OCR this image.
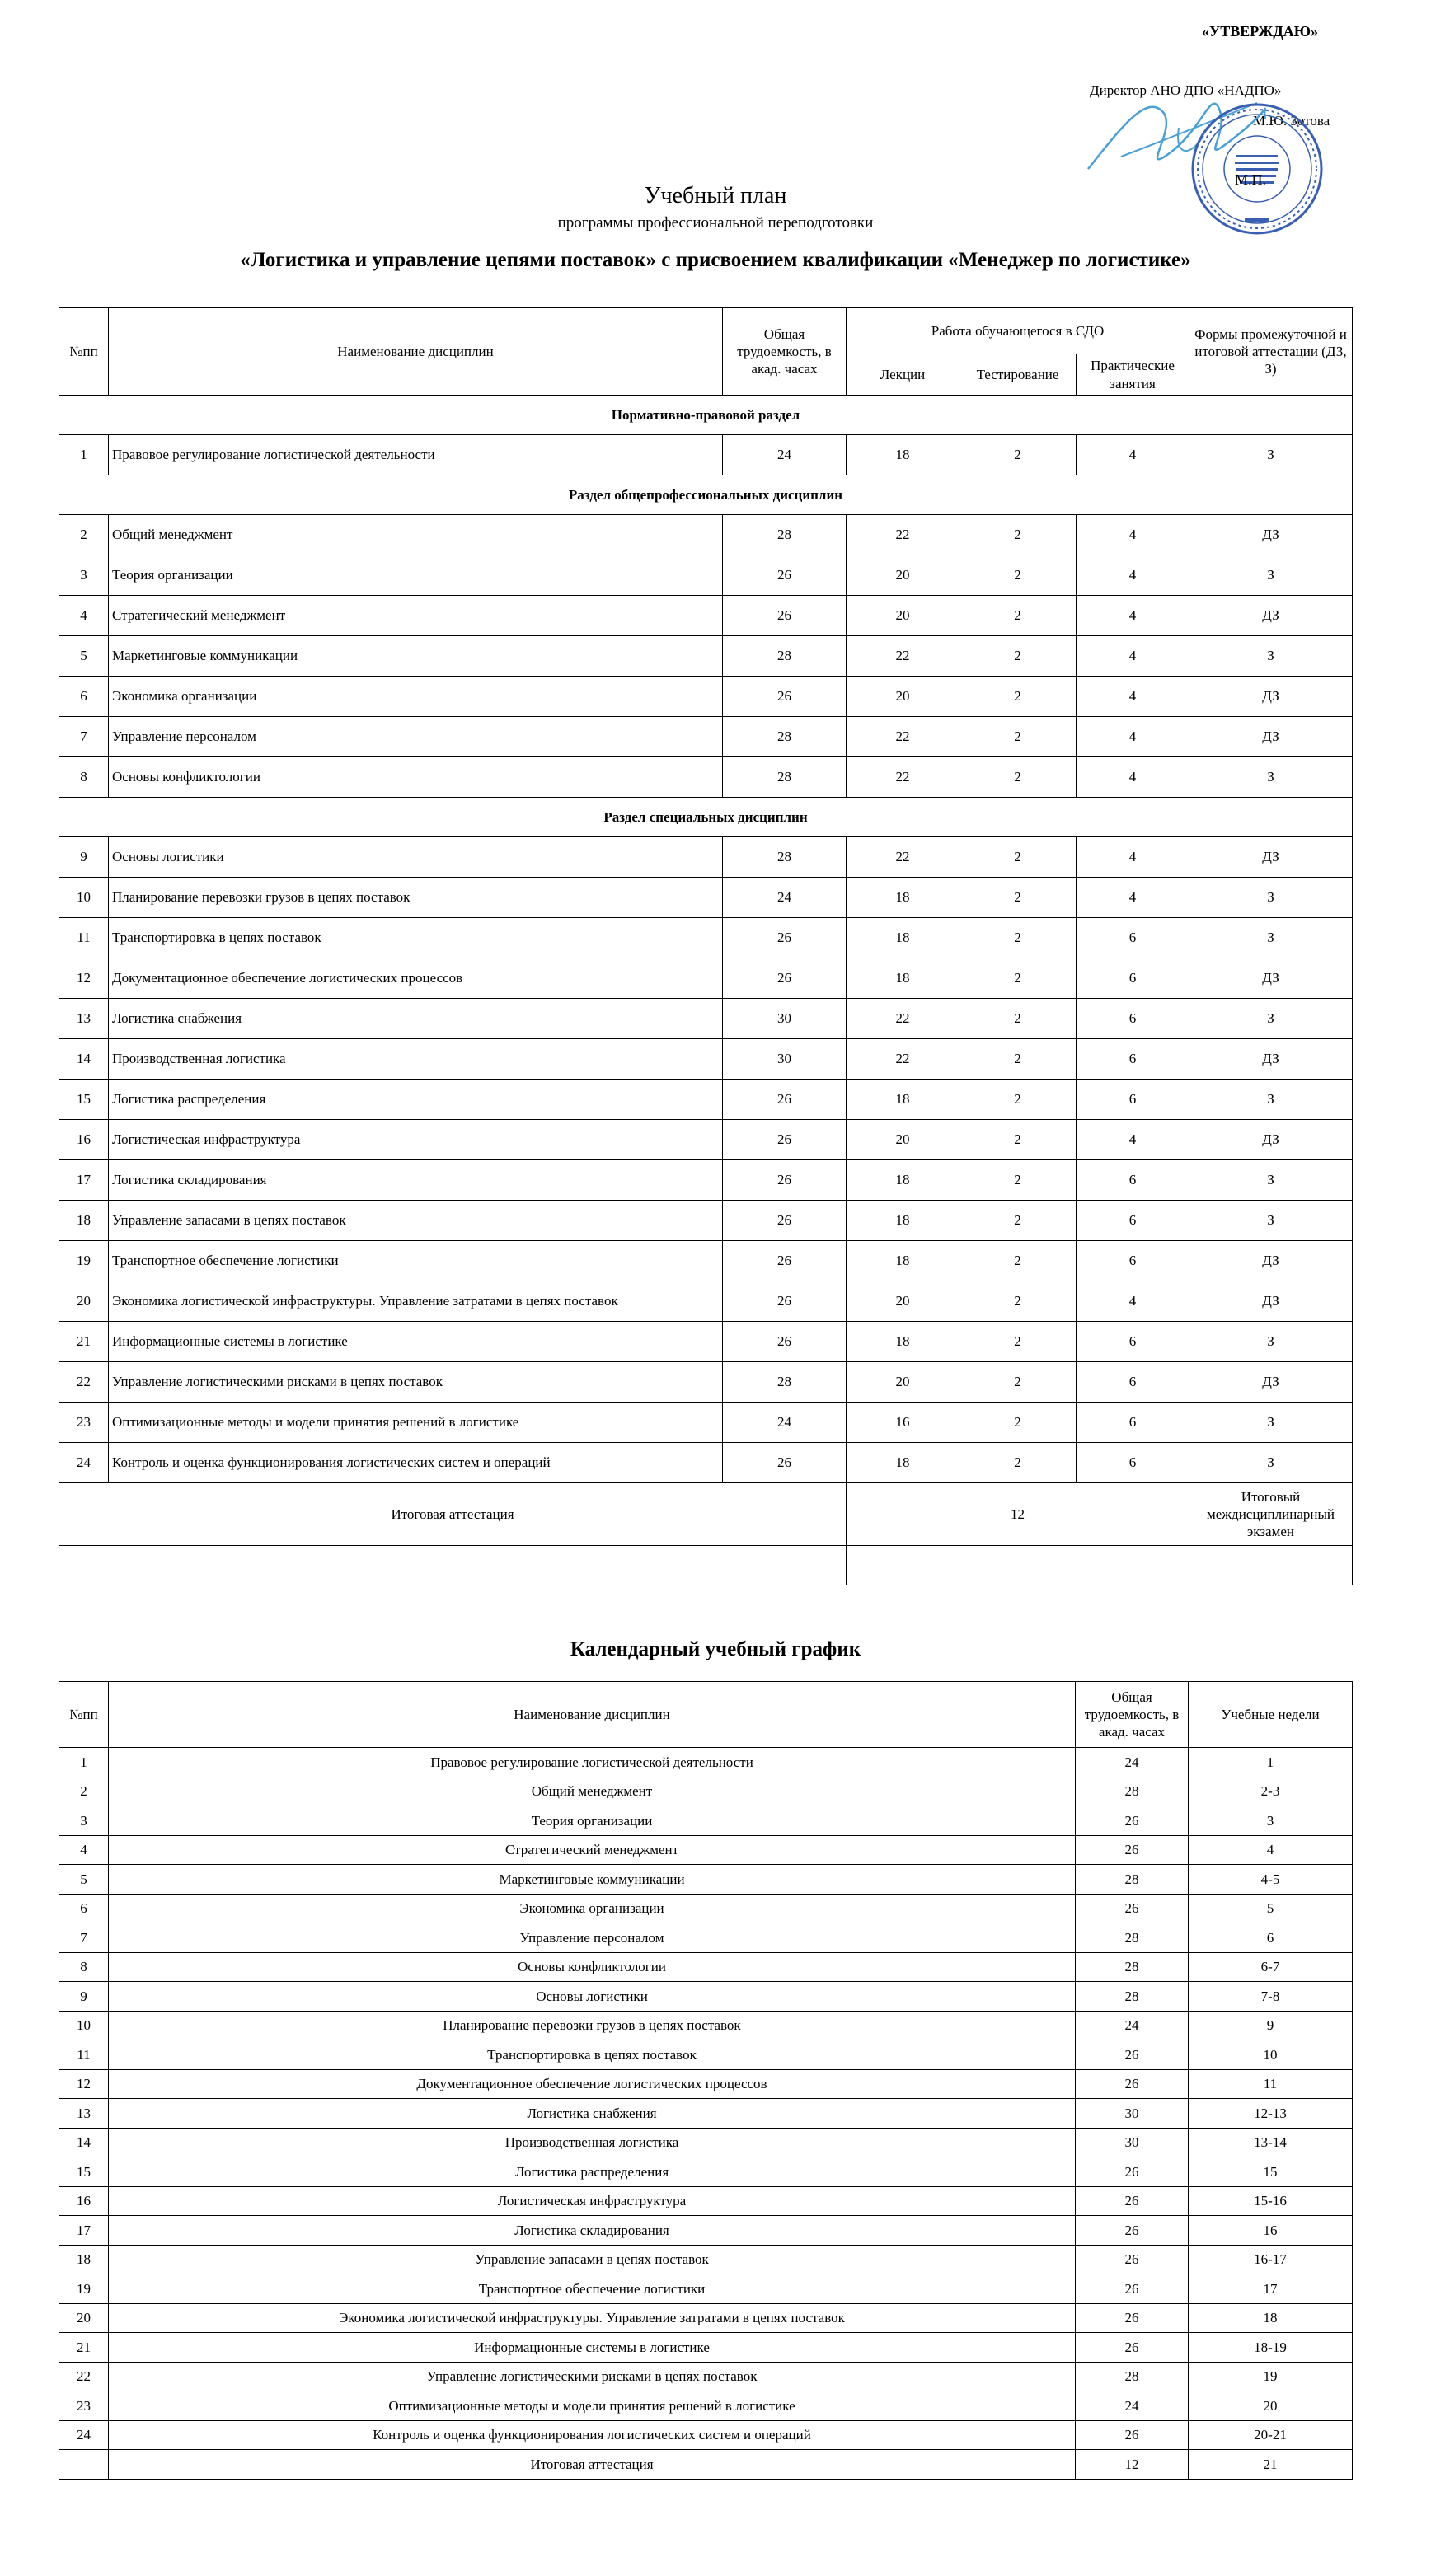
«УТВЕРЖДАЮ»
Директор АНО ДПО «НАДПО»
М.Ю. Зотова
М.П.
Учебный план
программы профессиональной переподготовки
«Логистика и управление цепями поставок» с присвоением квалификации «Менеджер по логистике»
№пп	Наименование дисциплин	Общая трудоемкость, в акад. часах	Работа обучающегося в СДО			Формы промежуточной и итоговой аттестации (ДЗ, З)
			Лекции	Тестирование	Практические занятия	
Нормативно-правовой раздел						
1	Правовое регулирование логистической деятельности	24	18	2	4	З
Раздел общепрофессиональных дисциплин						
2	Общий менеджмент	28	22	2	4	ДЗ
3	Теория организации	26	20	2	4	З
4	Стратегический менеджмент	26	20	2	4	ДЗ
5	Маркетинговые коммуникации	28	22	2	4	З
6	Экономика организации	26	20	2	4	ДЗ
7	Управление персоналом	28	22	2	4	ДЗ
8	Основы конфликтологии	28	22	2	4	З
Раздел специальных дисциплин						
9	Основы логистики	28	22	2	4	ДЗ
10	Планирование перевозки грузов в цепях поставок	24	18	2	4	З
11	Транспортировка в цепях поставок	26	18	2	6	З
12	Документационное обеспечение логистических процессов	26	18	2	6	ДЗ
13	Логистика снабжения	30	22	2	6	З
14	Производственная логистика	30	22	2	6	ДЗ
15	Логистика распределения	26	18	2	6	З
16	Логистическая инфраструктура	26	20	2	4	ДЗ
17	Логистика складирования	26	18	2	6	З
18	Управление запасами в цепях поставок	26	18	2	6	З
19	Транспортное обеспечение логистики	26	18	2	6	ДЗ
20	Экономика логистической инфраструктуры. Управление затратами в цепях поставок	26	20	2	4	ДЗ
21	Информационные системы в логистике	26	18	2	6	З
22	Управление логистическими рисками в цепях поставок	28	20	2	6	ДЗ
23	Оптимизационные методы и модели принятия решений в логистике	24	16	2	6	З
24	Контроль и оценка функционирования логистических систем и операций	26	18	2	6	З
Итоговая аттестация			12			Итоговый междисциплинарный экзамен

Календарный учебный график
№пп	Наименование дисциплин	Общая трудоемкость, в акад. часах	Учебные недели
1	Правовое регулирование логистической деятельности	24	1
2	Общий менеджмент	28	2-3
3	Теория организации	26	3
4	Стратегический менеджмент	26	4
5	Маркетинговые коммуникации	28	4-5
6	Экономика организации	26	5
7	Управление персоналом	28	6
8	Основы конфликтологии	28	6-7
9	Основы логистики	28	7-8
10	Планирование перевозки грузов в цепях поставок	24	9
11	Транспортировка в цепях поставок	26	10
12	Документационное обеспечение логистических процессов	26	11
13	Логистика снабжения	30	12-13
14	Производственная логистика	30	13-14
15	Логистика распределения	26	15
16	Логистическая инфраструктура	26	15-16
17	Логистика складирования	26	16
18	Управление запасами в цепях поставок	26	16-17
19	Транспортное обеспечение логистики	26	17
20	Экономика логистической инфраструктуры. Управление затратами в цепях поставок	26	18
21	Информационные системы в логистике	26	18-19
22	Управление логистическими рисками в цепях поставок	28	19
23	Оптимизационные методы и модели принятия решений в логистике	24	20
24	Контроль и оценка функционирования логистических систем и операций	26	20-21
	Итоговая аттестация	12	21
